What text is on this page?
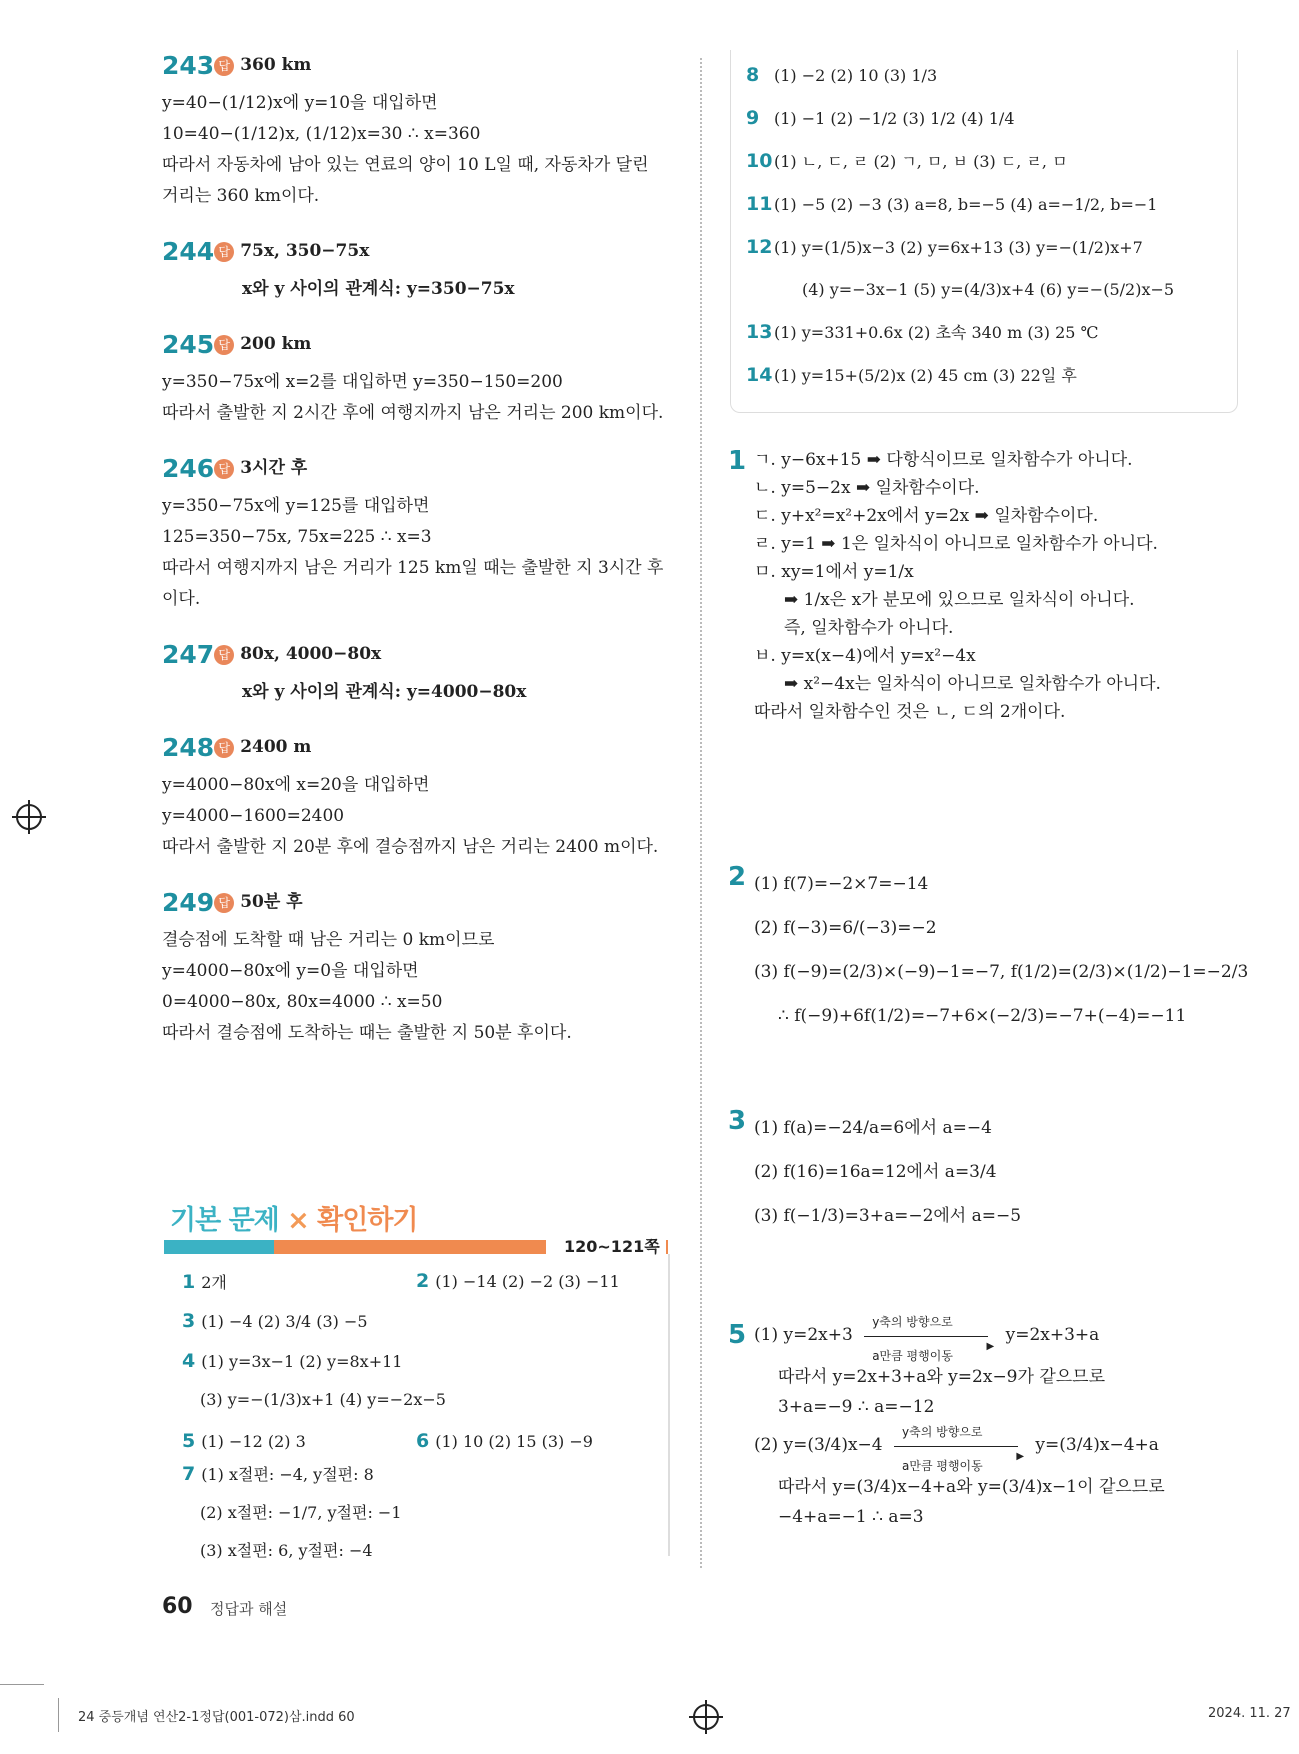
243 답 360 km
y=40−(1/12)x에 y=10을 대입하면
10=40−(1/12)x, (1/12)x=30 ∴ x=360
따라서 자동차에 남아 있는 연료의 양이 10 L일 때, 자동차가 달린
거리는 360 km이다.
244 답 75x, 350−75x
x와 y 사이의 관계식: y=350−75x
245 답 200 km
y=350−75x에 x=2를 대입하면 y=350−150=200
따라서 출발한 지 2시간 후에 여행지까지 남은 거리는 200 km이다.
246 답 3시간 후
y=350−75x에 y=125를 대입하면
125=350−75x, 75x=225 ∴ x=3
따라서 여행지까지 남은 거리가 125 km일 때는 출발한 지 3시간 후
이다.
247 답 80x, 4000−80x
x와 y 사이의 관계식: y=4000−80x
248 답 2400 m
y=4000−80x에 x=20을 대입하면
y=4000−1600=2400
따라서 출발한 지 20분 후에 결승점까지 남은 거리는 2400 m이다.
249 답 50분 후
결승점에 도착할 때 남은 거리는 0 km이므로
y=4000−80x에 y=0을 대입하면
0=4000−80x, 80x=4000 ∴ x=50
따라서 결승점에 도착하는 때는 출발한 지 50분 후이다.
8 (1) −2 (2) 10 (3) 1/3
9 (1) −1 (2) −1/2 (3) 1/2 (4) 1/4
10(1) ㄴ, ㄷ, ㄹ (2) ㄱ, ㅁ, ㅂ (3) ㄷ, ㄹ, ㅁ
11(1) −5 (2) −3 (3) a=8, b=−5 (4) a=−1/2, b=−1
12(1) y=(1/5)x−3 (2) y=6x+13 (3) y=−(1/2)x+7
(4) y=−3x−1 (5) y=(4/3)x+4 (6) y=−(5/2)x−5
13(1) y=331+0.6x (2) 초속 340 m (3) 25 ℃
14(1) y=15+(5/2)x (2) 45 cm (3) 22일 후
1 ㄱ. y−6x+15 ➡ 다항식이므로 일차함수가 아니다.
ㄴ. y=5−2x ➡ 일차함수이다.
ㄷ. y+x²=x²+2x에서 y=2x ➡ 일차함수이다.
ㄹ. y=1 ➡ 1은 일차식이 아니므로 일차함수가 아니다.
ㅁ. xy=1에서 y=1/x
➡ 1/x은 x가 분모에 있으므로 일차식이 아니다.
즉, 일차함수가 아니다.
ㅂ. y=x(x−4)에서 y=x²−4x
➡ x²−4x는 일차식이 아니므로 일차함수가 아니다.
따라서 일차함수인 것은 ㄴ, ㄷ의 2개이다.
2 (1) f(7)=−2×7=−14
(2) f(−3)=6/(−3)=−2
(3) f(−9)=(2/3)×(−9)−1=−7, f(1/2)=(2/3)×(1/2)−1=−2/3
∴ f(−9)+6f(1/2)=−7+6×(−2/3)=−7+(−4)=−11
3 (1) f(a)=−24/a=6에서 a=−4
(2) f(16)=16a=12에서 a=3/4
(3) f(−1/3)=3+a=−2에서 a=−5
5 (1) y=2x+3
y축의 방향으로
▶
a만큼 평행이동
y=2x+3+a
따라서 y=2x+3+a와 y=2x−9가 같으므로
3+a=−9 ∴ a=−12
(2) y=(3/4)x−4
y축의 방향으로
▶
a만큼 평행이동
y=(3/4)x−4+a
따라서 y=(3/4)x−4+a와 y=(3/4)x−1이 같으므로
−4+a=−1 ∴ a=3
기본 문제 × 확인하기
120~121쪽
1 2개	2 (1) −14 (2) −2 (3) −11
3 (1) −4 (2) 3/4 (3) −5
4 (1) y=3x−1 (2) y=8x+11
(3) y=−(1/3)x+1 (4) y=−2x−5
5 (1) −12 (2) 3	6 (1) 10 (2) 15 (3) −9
7 (1) x절편: −4, y절편: 8
(2) x절편: −1/7, y절편: −1
(3) x절편: 6, y절편: −4
60 정답과 해설
24 중등개념 연산2-1정답(001-072)삼.indd 60	2024. 11. 27
